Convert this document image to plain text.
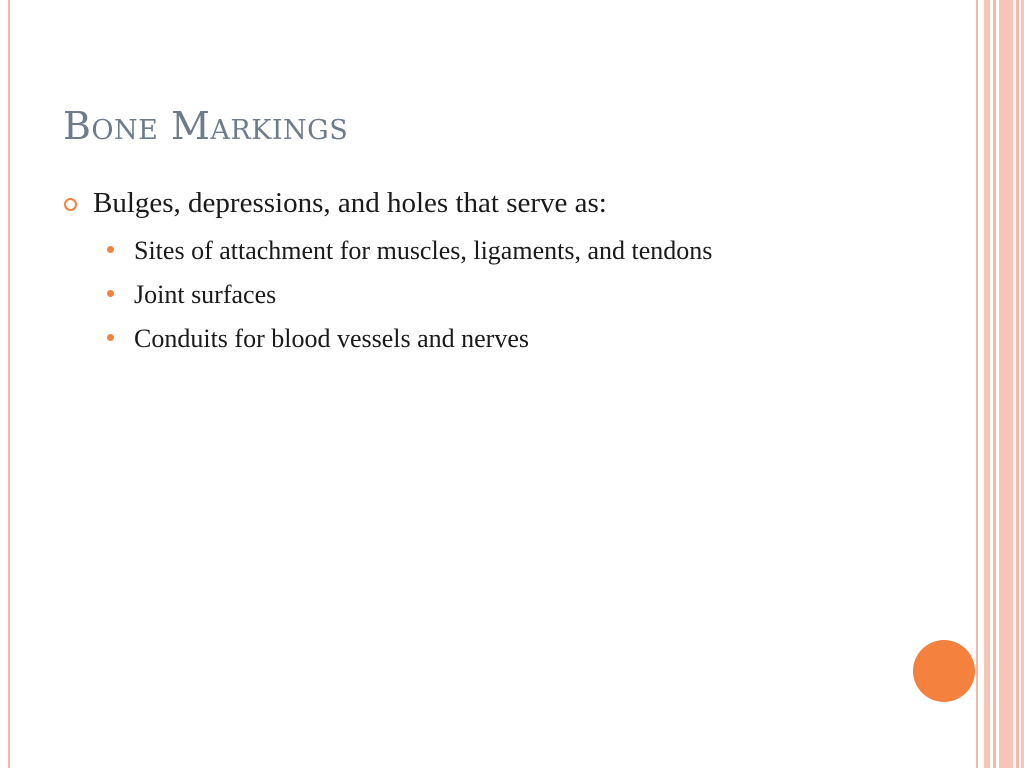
Bone Markings
Bulges, depressions, and holes that serve as:
Sites of attachment for muscles, ligaments, and tendons
Joint surfaces
Conduits for blood vessels and nerves
